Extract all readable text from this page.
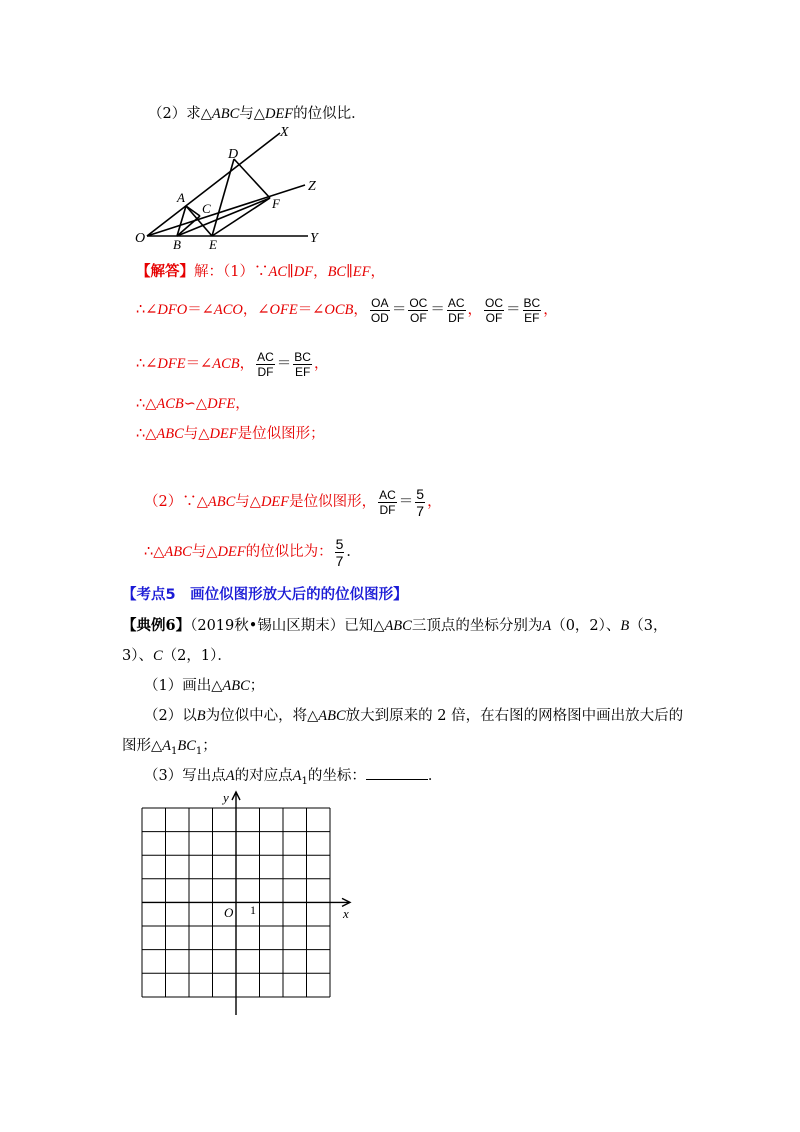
（2）求△ABC与△DEF的位似比．
X
D
Z
A
C	F
O B E	Y
【解答】解：（1）∵AC∥DF，BC∥EF，
∴∠DFO＝∠ACO，∠OFE＝∠OCB， $\frac{OA}{OD} = \frac{OC}{OF} = \frac{AC}{DF}$ ， $\frac{OC}{OF} = \frac{BC}{EF}$ ，
∴∠DFE＝∠ACB， $\frac{AC}{DF} = \frac{BC}{EF}$ ，
∴△ACB∽△DFE，
∴△ABC与△DEF是位似图形；
（2）∵△ABC与△DEF是位似图形， $\frac{AC}{DF} = \frac{5}{7}$ ，
∴△ABC与△DEF的位似比为： $\frac{5}{7}$ ．
【考点5　画位似图形放大后的的位似图形】
【典例6】（2019秋•锡山区期末）已知△ABC三顶点的坐标分别为A（0，2）、B（3，
3）、C（2，1）．
（1）画出△ABC；
（2）以B为位似中心，将△ABC放大到原来的 2 倍，在右图的网格图中画出放大后的
图形$\triangle A_1BC_1$；
（3）写出点A的对应点$A_1$的坐标：	．
y
x
O 1
